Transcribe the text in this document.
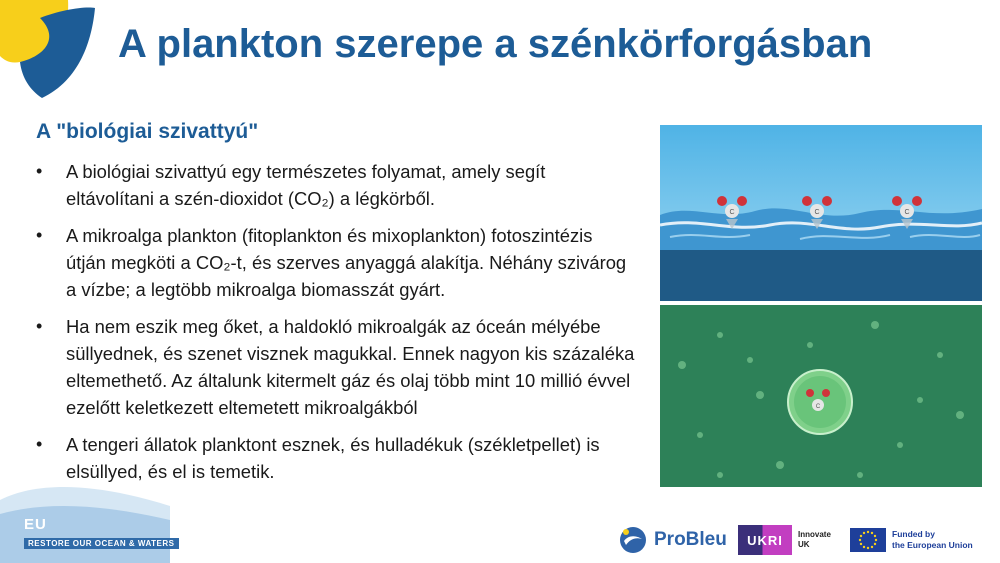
A plankton szerepe a szénkörforgásban
A "biológiai szivattyú"
• A biológiai szivattyú egy természetes folyamat, amely segít eltávolítani a szén-dioxidot (CO₂) a légkörből.
• A mikroalga plankton (fitoplankton és mixoplankton) fotoszintézis útján megköti a CO₂-t, és szerves anyaggá alakítja. Néhány szivárog a vízbe; a legtöbb mikroalga biomasszát gyárt.
• Ha nem eszik meg őket, a haldokló mikroalgák az óceán mélyébe süllyednek, és szenet visznek magukkal. Ennek nagyon kis százaléka eltemethető. Az általunk kitermelt gáz és olaj több mint 10 millió évvel ezelőtt keletkezett eltemetett mikroalgákból
• A tengeri állatok planktont esznek, és hulladékuk (székletpellet) is elsüllyed, és el is temetik.
C	C	C
C
EU
RESTORE OUR OCEAN & WATERS	ProBleu	UKRI	Innovate
UK
Funded by
the European Union
